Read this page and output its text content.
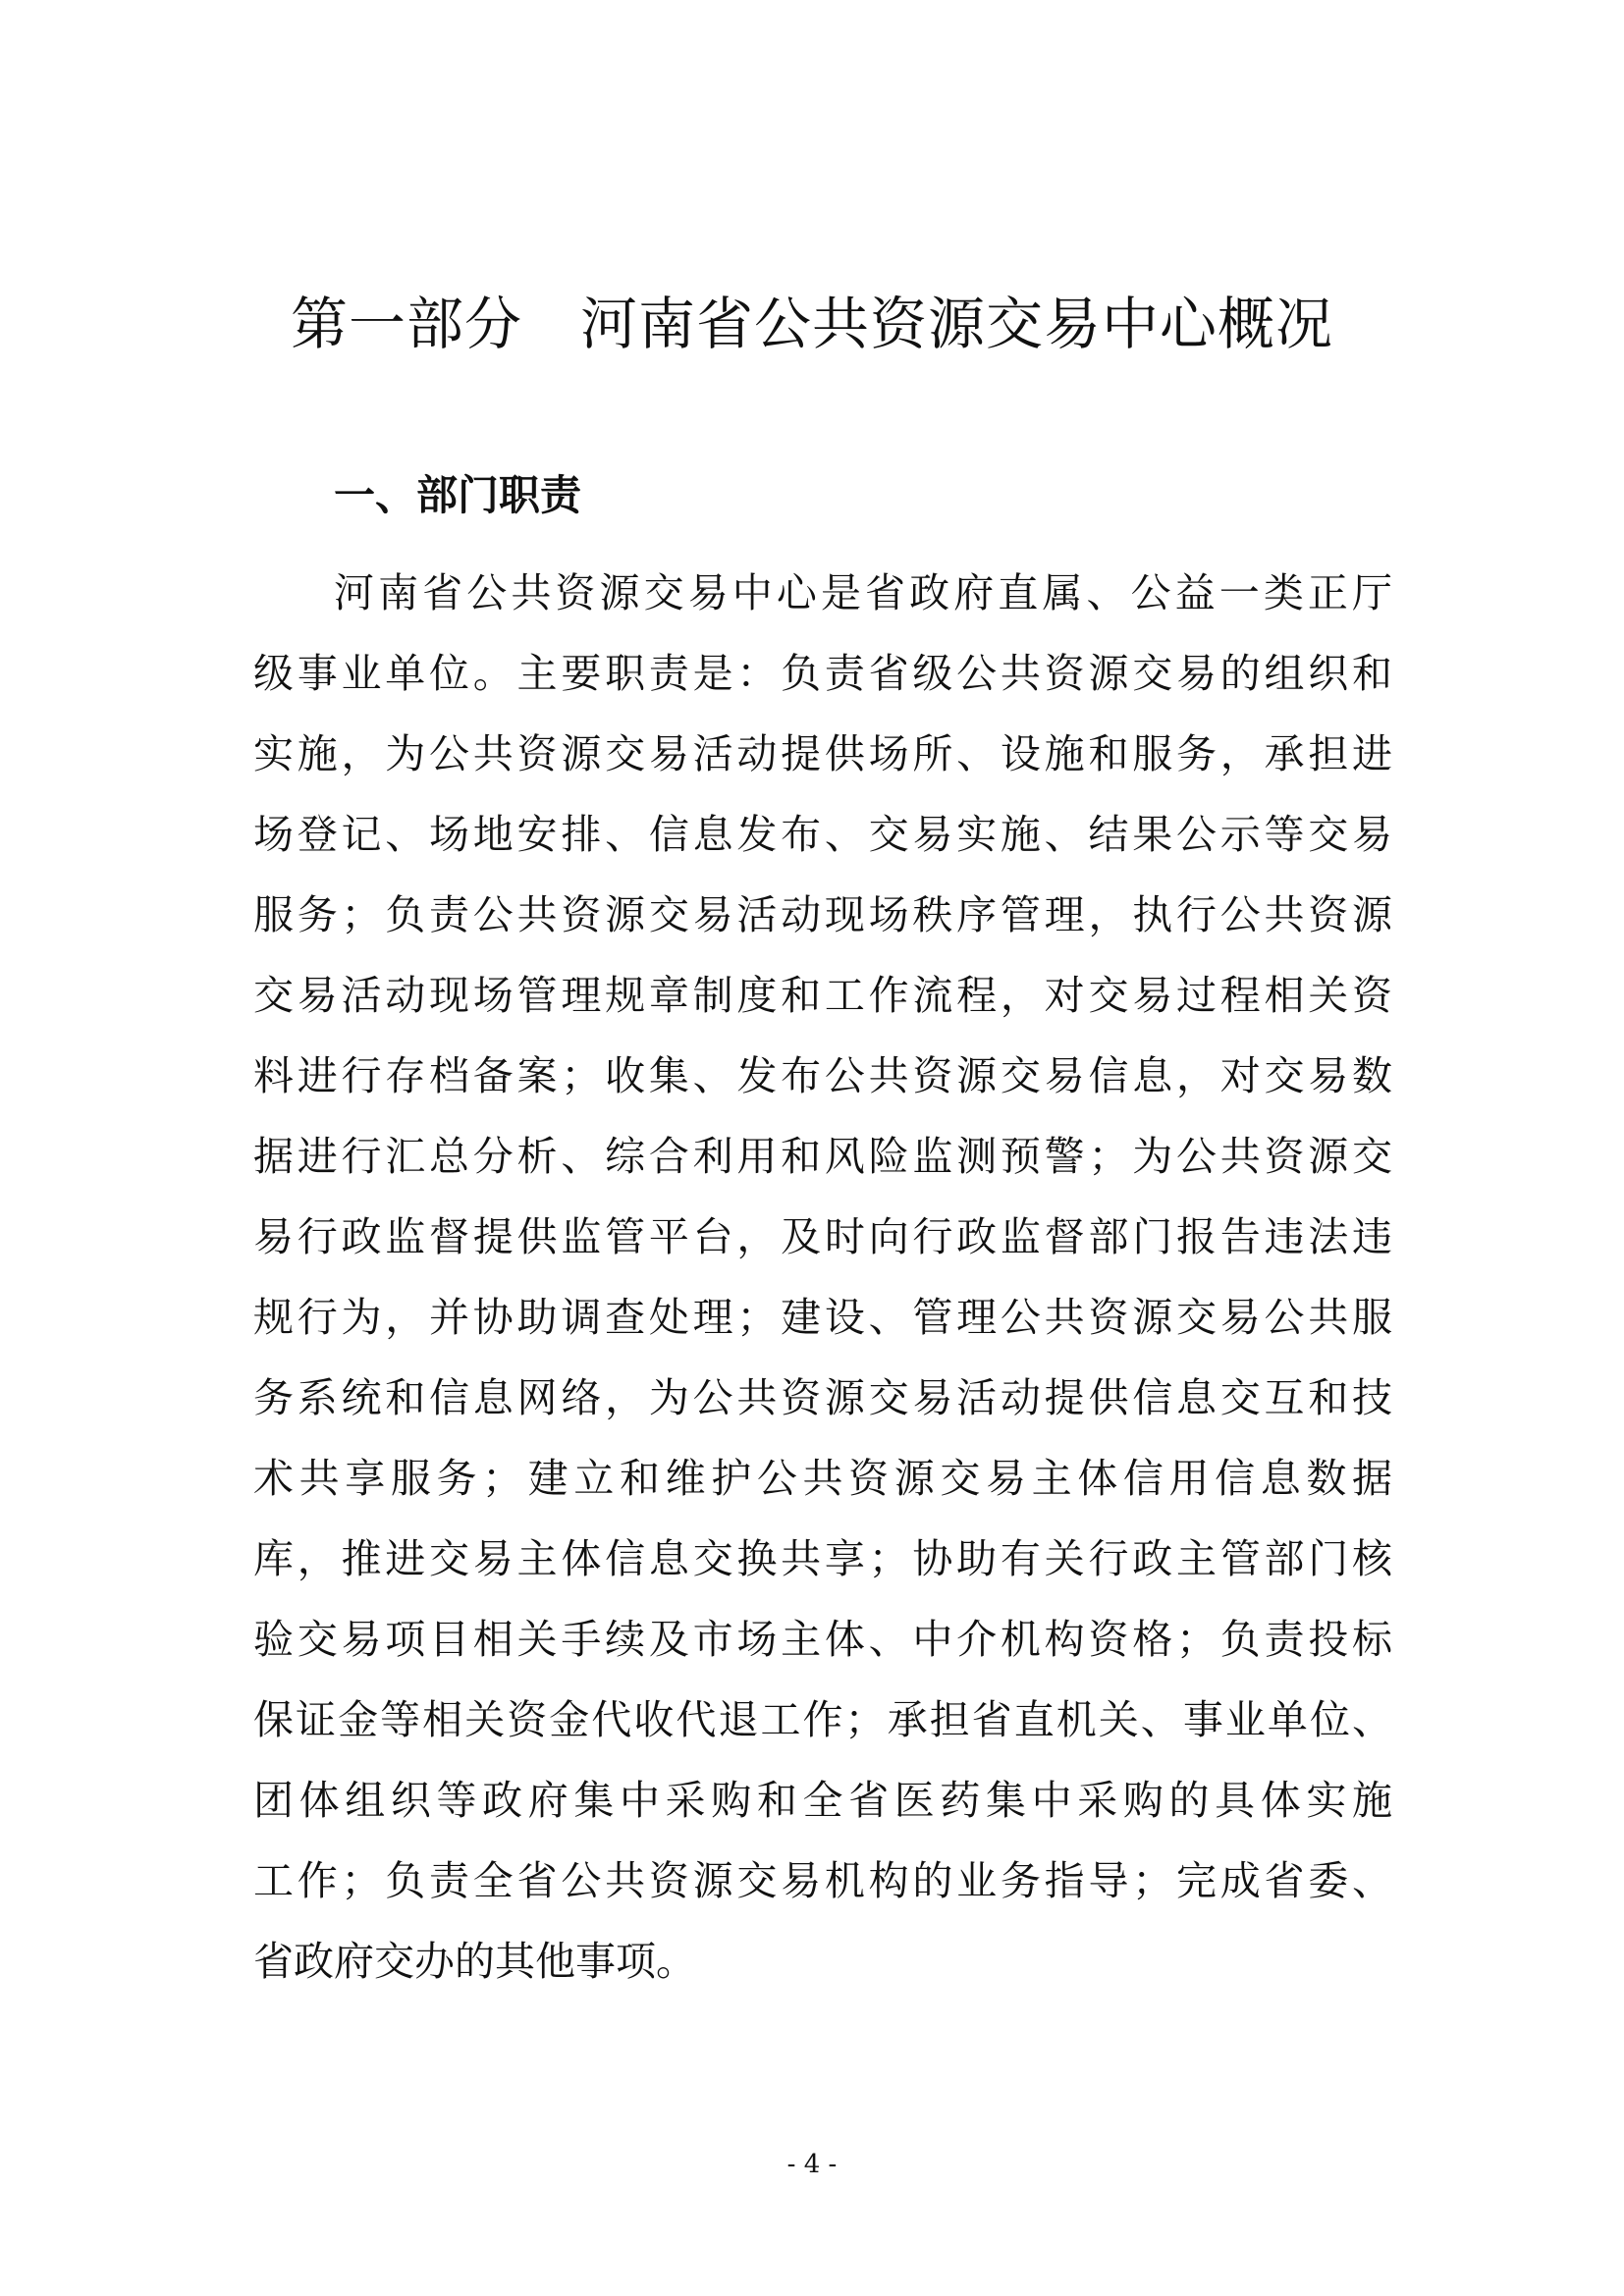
第一部分　河南省公共资源交易中心概况
一、部门职责
河南省公共资源交易中心是省政府直属、公益一类正厅
级事业单位。主要职责是：负责省级公共资源交易的组织和
实施，为公共资源交易活动提供场所、设施和服务，承担进
场登记、场地安排、信息发布、交易实施、结果公示等交易
服务；负责公共资源交易活动现场秩序管理，执行公共资源
交易活动现场管理规章制度和工作流程，对交易过程相关资
料进行存档备案；收集、发布公共资源交易信息，对交易数
据进行汇总分析、综合利用和风险监测预警；为公共资源交
易行政监督提供监管平台，及时向行政监督部门报告违法违
规行为，并协助调查处理；建设、管理公共资源交易公共服
务系统和信息网络，为公共资源交易活动提供信息交互和技
术共享服务；建立和维护公共资源交易主体信用信息数据
库，推进交易主体信息交换共享；协助有关行政主管部门核
验交易项目相关手续及市场主体、中介机构资格；负责投标
保证金等相关资金代收代退工作；承担省直机关、事业单位、
团体组织等政府集中采购和全省医药集中采购的具体实施
工作；负责全省公共资源交易机构的业务指导；完成省委、
省政府交办的其他事项。
- 4 -
